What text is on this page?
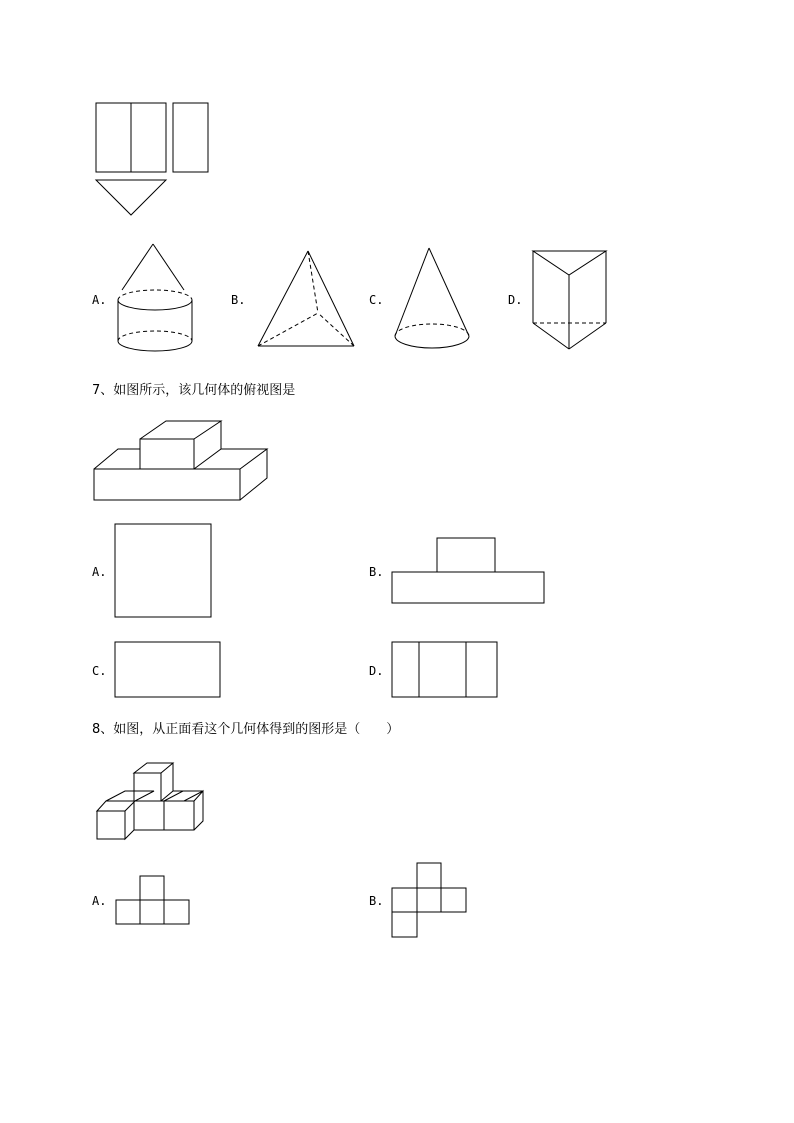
A.	B.	C.	D.
7、如图所示，该几何体的俯视图是
A.	B.
C.	D.
8、如图，从正面看这个几何体得到的图形是（　　）
A.	B.
